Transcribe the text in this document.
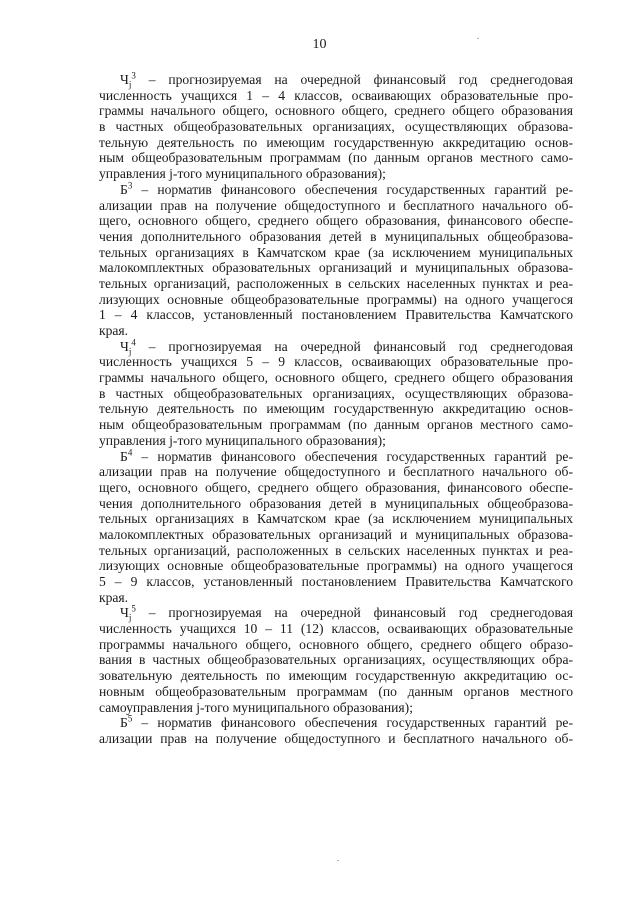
10
$Ч_j^3$ – прогнозируемая на очередной финансовый год среднегодовая
численность учащихся 1 – 4 классов, осваивающих образовательные про-
граммы начального общего, основного общего, среднего общего образования
в частных общеобразовательных организациях, осуществляющих образова-
тельную деятельность по имеющим государственную аккредитацию основ-
ным общеобразовательным программам (по данным органов местного само-
управления j-того муниципального образования);
$Б^3$ – норматив финансового обеспечения государственных гарантий ре-
ализации прав на получение общедоступного и бесплатного начального об-
щего, основного общего, среднего общего образования, финансового обеспе-
чения дополнительного образования детей в муниципальных общеобразова-
тельных организациях в Камчатском крае (за исключением муниципальных
малокомплектных образовательных организаций и муниципальных образова-
тельных организаций, расположенных в сельских населенных пунктах и реа-
лизующих основные общеобразовательные программы) на одного учащегося
1 – 4 классов, установленный постановлением Правительства Камчатского
края.
$Ч_j^4$ – прогнозируемая на очередной финансовый год среднегодовая
численность учащихся 5 – 9 классов, осваивающих образовательные про-
граммы начального общего, основного общего, среднего общего образования
в частных общеобразовательных организациях, осуществляющих образова-
тельную деятельность по имеющим государственную аккредитацию основ-
ным общеобразовательным программам (по данным органов местного само-
управления j-того муниципального образования);
$Б^4$ – норматив финансового обеспечения государственных гарантий ре-
ализации прав на получение общедоступного и бесплатного начального об-
щего, основного общего, среднего общего образования, финансового обеспе-
чения дополнительного образования детей в муниципальных общеобразова-
тельных организациях в Камчатском крае (за исключением муниципальных
малокомплектных образовательных организаций и муниципальных образова-
тельных организаций, расположенных в сельских населенных пунктах и реа-
лизующих основные общеобразовательные программы) на одного учащегося
5 – 9 классов, установленный постановлением Правительства Камчатского
края.
$Ч_j^5$ – прогнозируемая на очередной финансовый год среднегодовая
численность учащихся 10 – 11 (12) классов, осваивающих образовательные
программы начального общего, основного общего, среднего общего образо-
вания в частных общеобразовательных организациях, осуществляющих обра-
зовательную деятельность по имеющим государственную аккредитацию ос-
новным общеобразовательным программам (по данным органов местного
самоуправления j-того муниципального образования);
$Б^5$ – норматив финансового обеспечения государственных гарантий ре-
ализации прав на получение общедоступного и бесплатного начального об-
